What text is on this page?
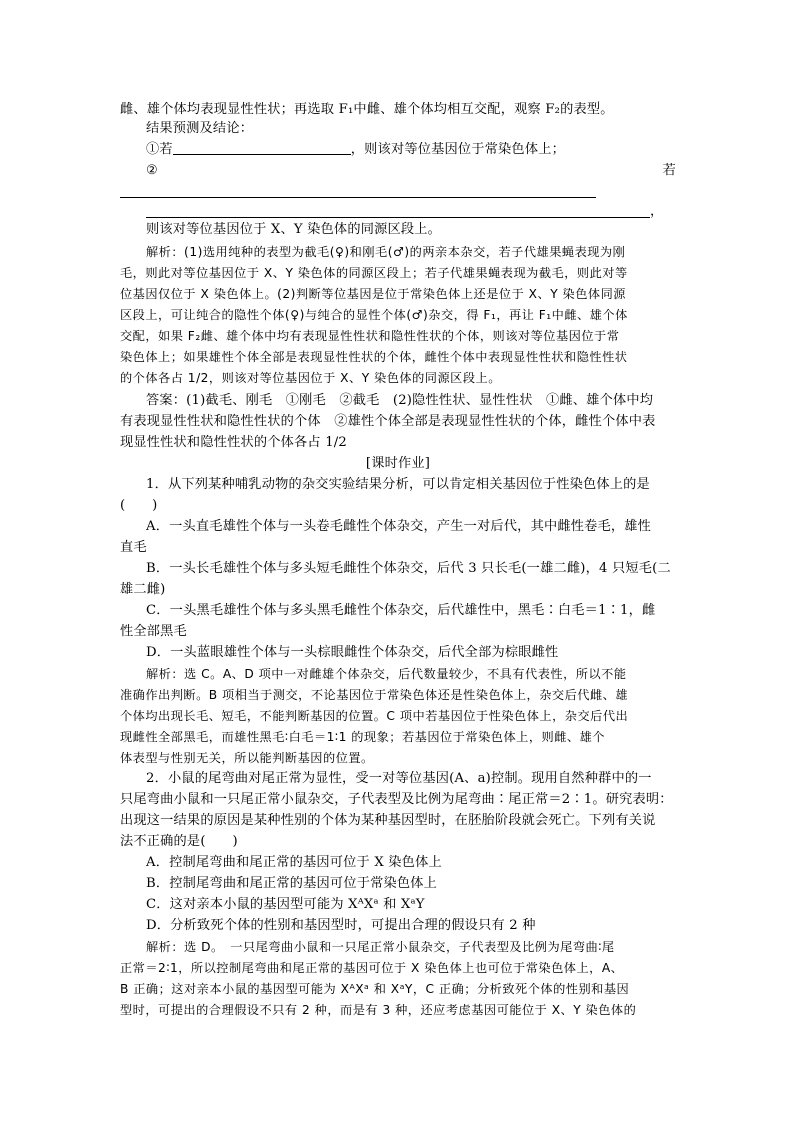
雌、雄个体均表现显性性状；再选取 F₁中雌、雄个体均相互交配，观察 F₂的表型。
结果预测及结论：
①若	，则该对等位基因位于常染色体上；
②	若
，
则该对等位基因位于 X、Y 染色体的同源区段上。
解析：(1)选用纯种的表型为截毛(♀)和刚毛(♂)的两亲本杂交，若子代雄果蝇表现为刚
毛，则此对等位基因位于 X、Y 染色体的同源区段上；若子代雄果蝇表现为截毛，则此对等
位基因仅位于 X 染色体上。(2)判断等位基因是位于常染色体上还是位于 X、Y 染色体同源
区段上，可让纯合的隐性个体(♀)与纯合的显性个体(♂)杂交，得 F₁，再让 F₁中雌、雄个体
交配，如果 F₂雌、雄个体中均有表现显性性状和隐性性状的个体，则该对等位基因位于常
染色体上；如果雄性个体全部是表现显性性状的个体，雌性个体中表现显性性状和隐性性状
的个体各占 1/2，则该对等位基因位于 X、Y 染色体的同源区段上。
答案：(1)截毛、刚毛　①刚毛　②截毛　(2)隐性性状、显性性状　①雌、雄个体中均
有表现显性性状和隐性性状的个体　②雄性个体全部是表现显性性状的个体，雌性个体中表
现显性性状和隐性性状的个体各占 1/2
[课时作业]
1．从下列某种哺乳动物的杂交实验结果分析，可以肯定相关基因位于性染色体上的是
(　　)
A．一头直毛雄性个体与一头卷毛雌性个体杂交，产生一对后代，其中雌性卷毛，雄性
直毛
B．一头长毛雄性个体与多头短毛雌性个体杂交，后代 3 只长毛(一雄二雌)，4 只短毛(二
雄二雌)
C．一头黑毛雄性个体与多头黑毛雌性个体杂交，后代雄性中，黑毛∶白毛＝1∶1，雌
性全部黑毛
D．一头蓝眼雄性个体与一头棕眼雌性个体杂交，后代全部为棕眼雌性
解析：选 C。A、D 项中一对雌雄个体杂交，后代数量较少，不具有代表性，所以不能
准确作出判断。B 项相当于测交，不论基因位于常染色体还是性染色体上，杂交后代雌、雄
个体均出现长毛、短毛，不能判断基因的位置。C 项中若基因位于性染色体上，杂交后代出
现雌性全部黑毛，而雄性黑毛∶白毛＝1∶1 的现象；若基因位于常染色体上，则雌、雄个
体表型与性别无关，所以能判断基因的位置。
2．小鼠的尾弯曲对尾正常为显性，受一对等位基因(A、a)控制。现用自然种群中的一
只尾弯曲小鼠和一只尾正常小鼠杂交，子代表型及比例为尾弯曲∶尾正常＝2∶1。研究表明：
出现这一结果的原因是某种性别的个体为某种基因型时，在胚胎阶段就会死亡。下列有关说
法不正确的是(　　)
A．控制尾弯曲和尾正常的基因可位于 X 染色体上
B．控制尾弯曲和尾正常的基因可位于常染色体上
C．这对亲本小鼠的基因型可能为 XᴬXᵃ 和 XᵃY
D．分析致死个体的性别和基因型时，可提出合理的假设只有 2 种
解析：选 D。　一只尾弯曲小鼠和一只尾正常小鼠杂交，子代表型及比例为尾弯曲∶尾
正常＝2∶1，所以控制尾弯曲和尾正常的基因可位于 X 染色体上也可位于常染色体上，A、
B 正确；这对亲本小鼠的基因型可能为 XᴬXᵃ 和 XᵃY，C 正确；分析致死个体的性别和基因
型时，可提出的合理假设不只有 2 种，而是有 3 种，还应考虑基因可能位于 X、Y 染色体的
